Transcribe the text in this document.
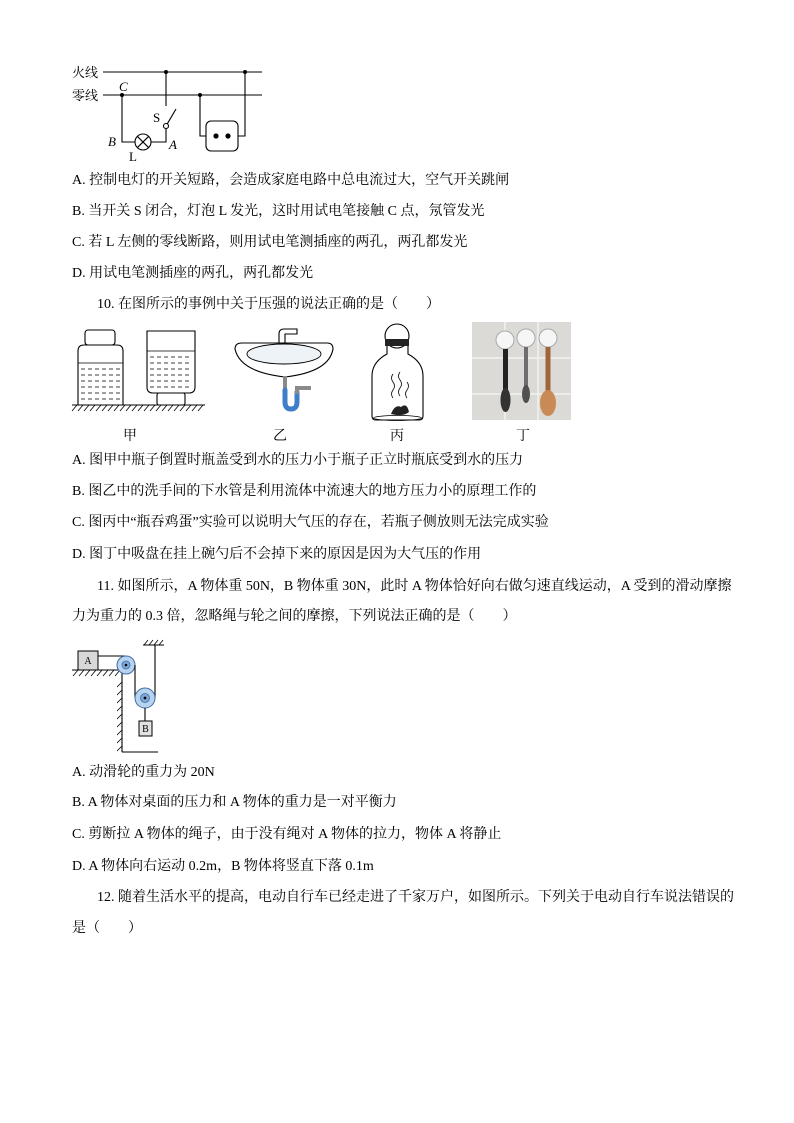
火线
零线
C
S
B
L
A
A. 控制电灯的开关短路，会造成家庭电路中总电流过大，空气开关跳闸
B. 当开关 S 闭合，灯泡 L 发光，这时用试电笔接触 C 点，氖管发光
C. 若 L 左侧的零线断路，则用试电笔测插座的两孔，两孔都发光
D. 用试电笔测插座的两孔，两孔都发光
10. 在图所示的事例中关于压强的说法正确的是（　　）
甲	乙	丙	丁
A. 图甲中瓶子倒置时瓶盖受到水的压力小于瓶子正立时瓶底受到水的压力
B. 图乙中的洗手间的下水管是利用流体中流速大的地方压力小的原理工作的
C. 图丙中“瓶吞鸡蛋”实验可以说明大气压的存在，若瓶子侧放则无法完成实验
D. 图丁中吸盘在挂上碗勺后不会掉下来的原因是因为大气压的作用
11. 如图所示，A 物体重 50N，B 物体重 30N，此时 A 物体恰好向右做匀速直线运动，A 受到的滑动摩擦
力为重力的 0.3 倍，忽略绳与轮之间的摩擦，下列说法正确的是（　　）
A
B
A. 动滑轮的重力为 20N
B. A 物体对桌面的压力和 A 物体的重力是一对平衡力
C. 剪断拉 A 物体的绳子，由于没有绳对 A 物体的拉力，物体 A 将静止
D. A 物体向右运动 0.2m，B 物体将竖直下落 0.1m
12. 随着生活水平的提高，电动自行车已经走进了千家万户，如图所示。下列关于电动自行车说法错误的
是（　　）
